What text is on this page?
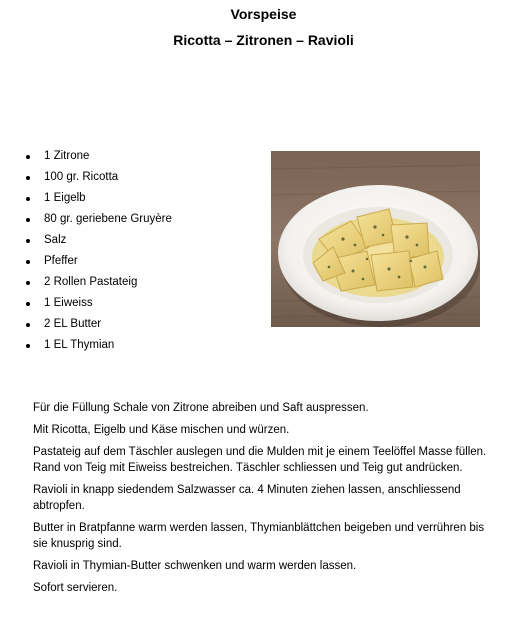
Vorspeise
Ricotta – Zitronen – Ravioli
1 Zitrone
100 gr. Ricotta
1 Eigelb
80 gr. geriebene Gruyère
Salz
Pfeffer
2 Rollen Pastateig
1 Eiweiss
2 EL Butter
1 EL Thymian

Für die Füllung Schale von Zitrone abreiben und Saft auspressen.

Mit Ricotta, Eigelb und Käse mischen und würzen.

Pastateig auf dem Täschler auslegen und die Mulden mit je einem Teelöffel Masse füllen. Rand von Teig mit Eiweiss bestreichen. Täschler schliessen und Teig gut andrücken.

Ravioli in knapp siedendem Salzwasser ca. 4 Minuten ziehen lassen, anschliessend abtropfen.

Butter in Bratpfanne warm werden lassen, Thymianblättchen beigeben und verrühren bis sie knusprig sind.

Ravioli in Thymian-Butter schwenken und warm werden lassen.

Sofort servieren.
